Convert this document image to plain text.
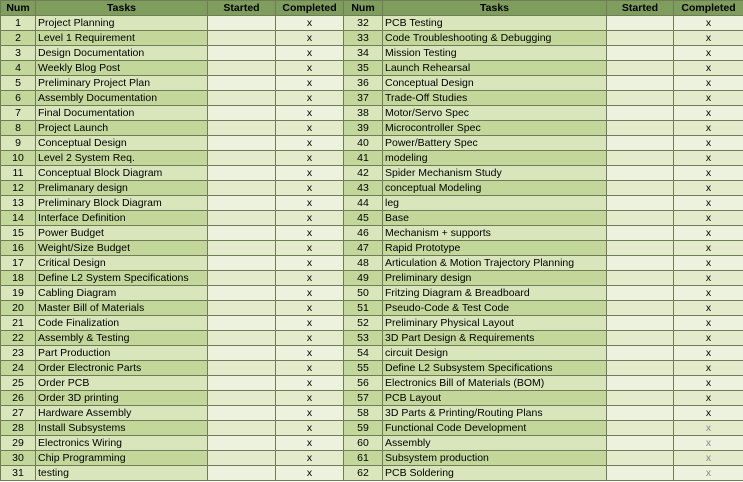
Num	Tasks	Started	Completed	Num	Tasks	Started	Completed
1	Project Planning		x	32	PCB Testing		x
2	Level 1 Requirement		x	33	Code Troubleshooting & Debugging		x
3	Design Documentation		x	34	Mission Testing		x
4	Weekly Blog Post		x	35	Launch Rehearsal		x
5	Preliminary Project Plan		x	36	Conceptual Design		x
6	Assembly Documentation		x	37	Trade-Off Studies		x
7	Final Documentation		x	38	Motor/Servo Spec		x
8	Project Launch		x	39	Microcontroller Spec		x
9	Conceptual Design		x	40	Power/Battery Spec		x
10	Level 2 System Req.		x	41	modeling		x
11	Conceptual Block Diagram		x	42	Spider Mechanism Study		x
12	Prelimanary design		x	43	conceptual Modeling		x
13	Preliminary Block Diagram		x	44	leg		x
14	Interface Definition		x	45	Base		x
15	Power Budget		x	46	Mechanism + supports		x
16	Weight/Size Budget		x	47	Rapid Prototype		x
17	Critical Design		x	48	Articulation & Motion Trajectory Planning		x
18	Define L2 System Specifications		x	49	Preliminary design		x
19	Cabling Diagram		x	50	Fritzing Diagram & Breadboard		x
20	Master Bill of Materials		x	51	Pseudo-Code & Test Code		x
21	Code Finalization		x	52	Preliminary Physical Layout		x
22	Assembly & Testing		x	53	3D Part Design & Requirements		x
23	Part Production		x	54	circuit Design		x
24	Order Electronic Parts		x	55	Define L2 Subsystem Specifications		x
25	Order PCB		x	56	Electronics Bill of Materials (BOM)		x
26	Order 3D printing		x	57	PCB Layout		x
27	Hardware Assembly		x	58	3D Parts & Printing/Routing Plans		x
28	Install Subsystems		x	59	Functional Code Development		x
29	Electronics Wiring		x	60	Assembly		x
30	Chip Programming		x	61	Subsystem production		x
31	testing		x	62	PCB Soldering		x
